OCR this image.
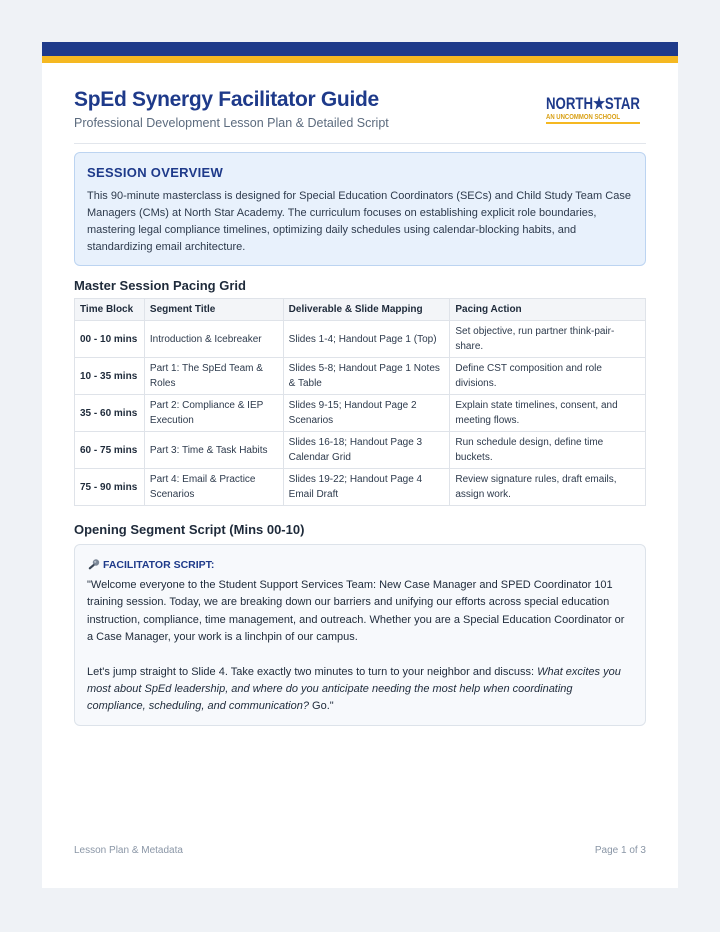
SpEd Synergy Facilitator Guide
Professional Development Lesson Plan & Detailed Script
NORTH★STAR
AN UNCOMMON SCHOOL
SESSION OVERVIEW
This 90-minute masterclass is designed for Special Education Coordinators (SECs) and Child Study Team Case Managers (CMs) at North Star Academy. The curriculum focuses on establishing explicit role boundaries, mastering legal compliance timelines, optimizing daily schedules using calendar-blocking habits, and standardizing email architecture.
Master Session Pacing Grid
Time Block	Segment Title	Deliverable & Slide Mapping	Pacing Action
00 - 10 mins	Introduction & Icebreaker	Slides 1-4; Handout Page 1 (Top)	Set objective, run partner think-pair-share.
10 - 35 mins	Part 1: The SpEd Team & Roles	Slides 5-8; Handout Page 1 Notes & Table	Define CST composition and role divisions.
35 - 60 mins	Part 2: Compliance & IEP Execution	Slides 9-15; Handout Page 2 Scenarios	Explain state timelines, consent, and meeting flows.
60 - 75 mins	Part 3: Time & Task Habits	Slides 16-18; Handout Page 3 Calendar Grid	Run schedule design, define time buckets.
75 - 90 mins	Part 4: Email & Practice Scenarios	Slides 19-22; Handout Page 4 Email Draft	Review signature rules, draft emails, assign work.
Opening Segment Script (Mins 00-10)
FACILITATOR SCRIPT:

"Welcome everyone to the Student Support Services Team: New Case Manager and SPED Coordinator 101 training session. Today, we are breaking down our barriers and unifying our efforts across special education instruction, compliance, time management, and outreach. Whether you are a Special Education Coordinator or a Case Manager, your work is a linchpin of our campus.

Let's jump straight to Slide 4. Take exactly two minutes to turn to your neighbor and discuss: What excites you most about SpEd leadership, and where do you anticipate needing the most help when coordinating compliance, scheduling, and communication? Go."

Lesson Plan & Metadata	Page 1 of 3
